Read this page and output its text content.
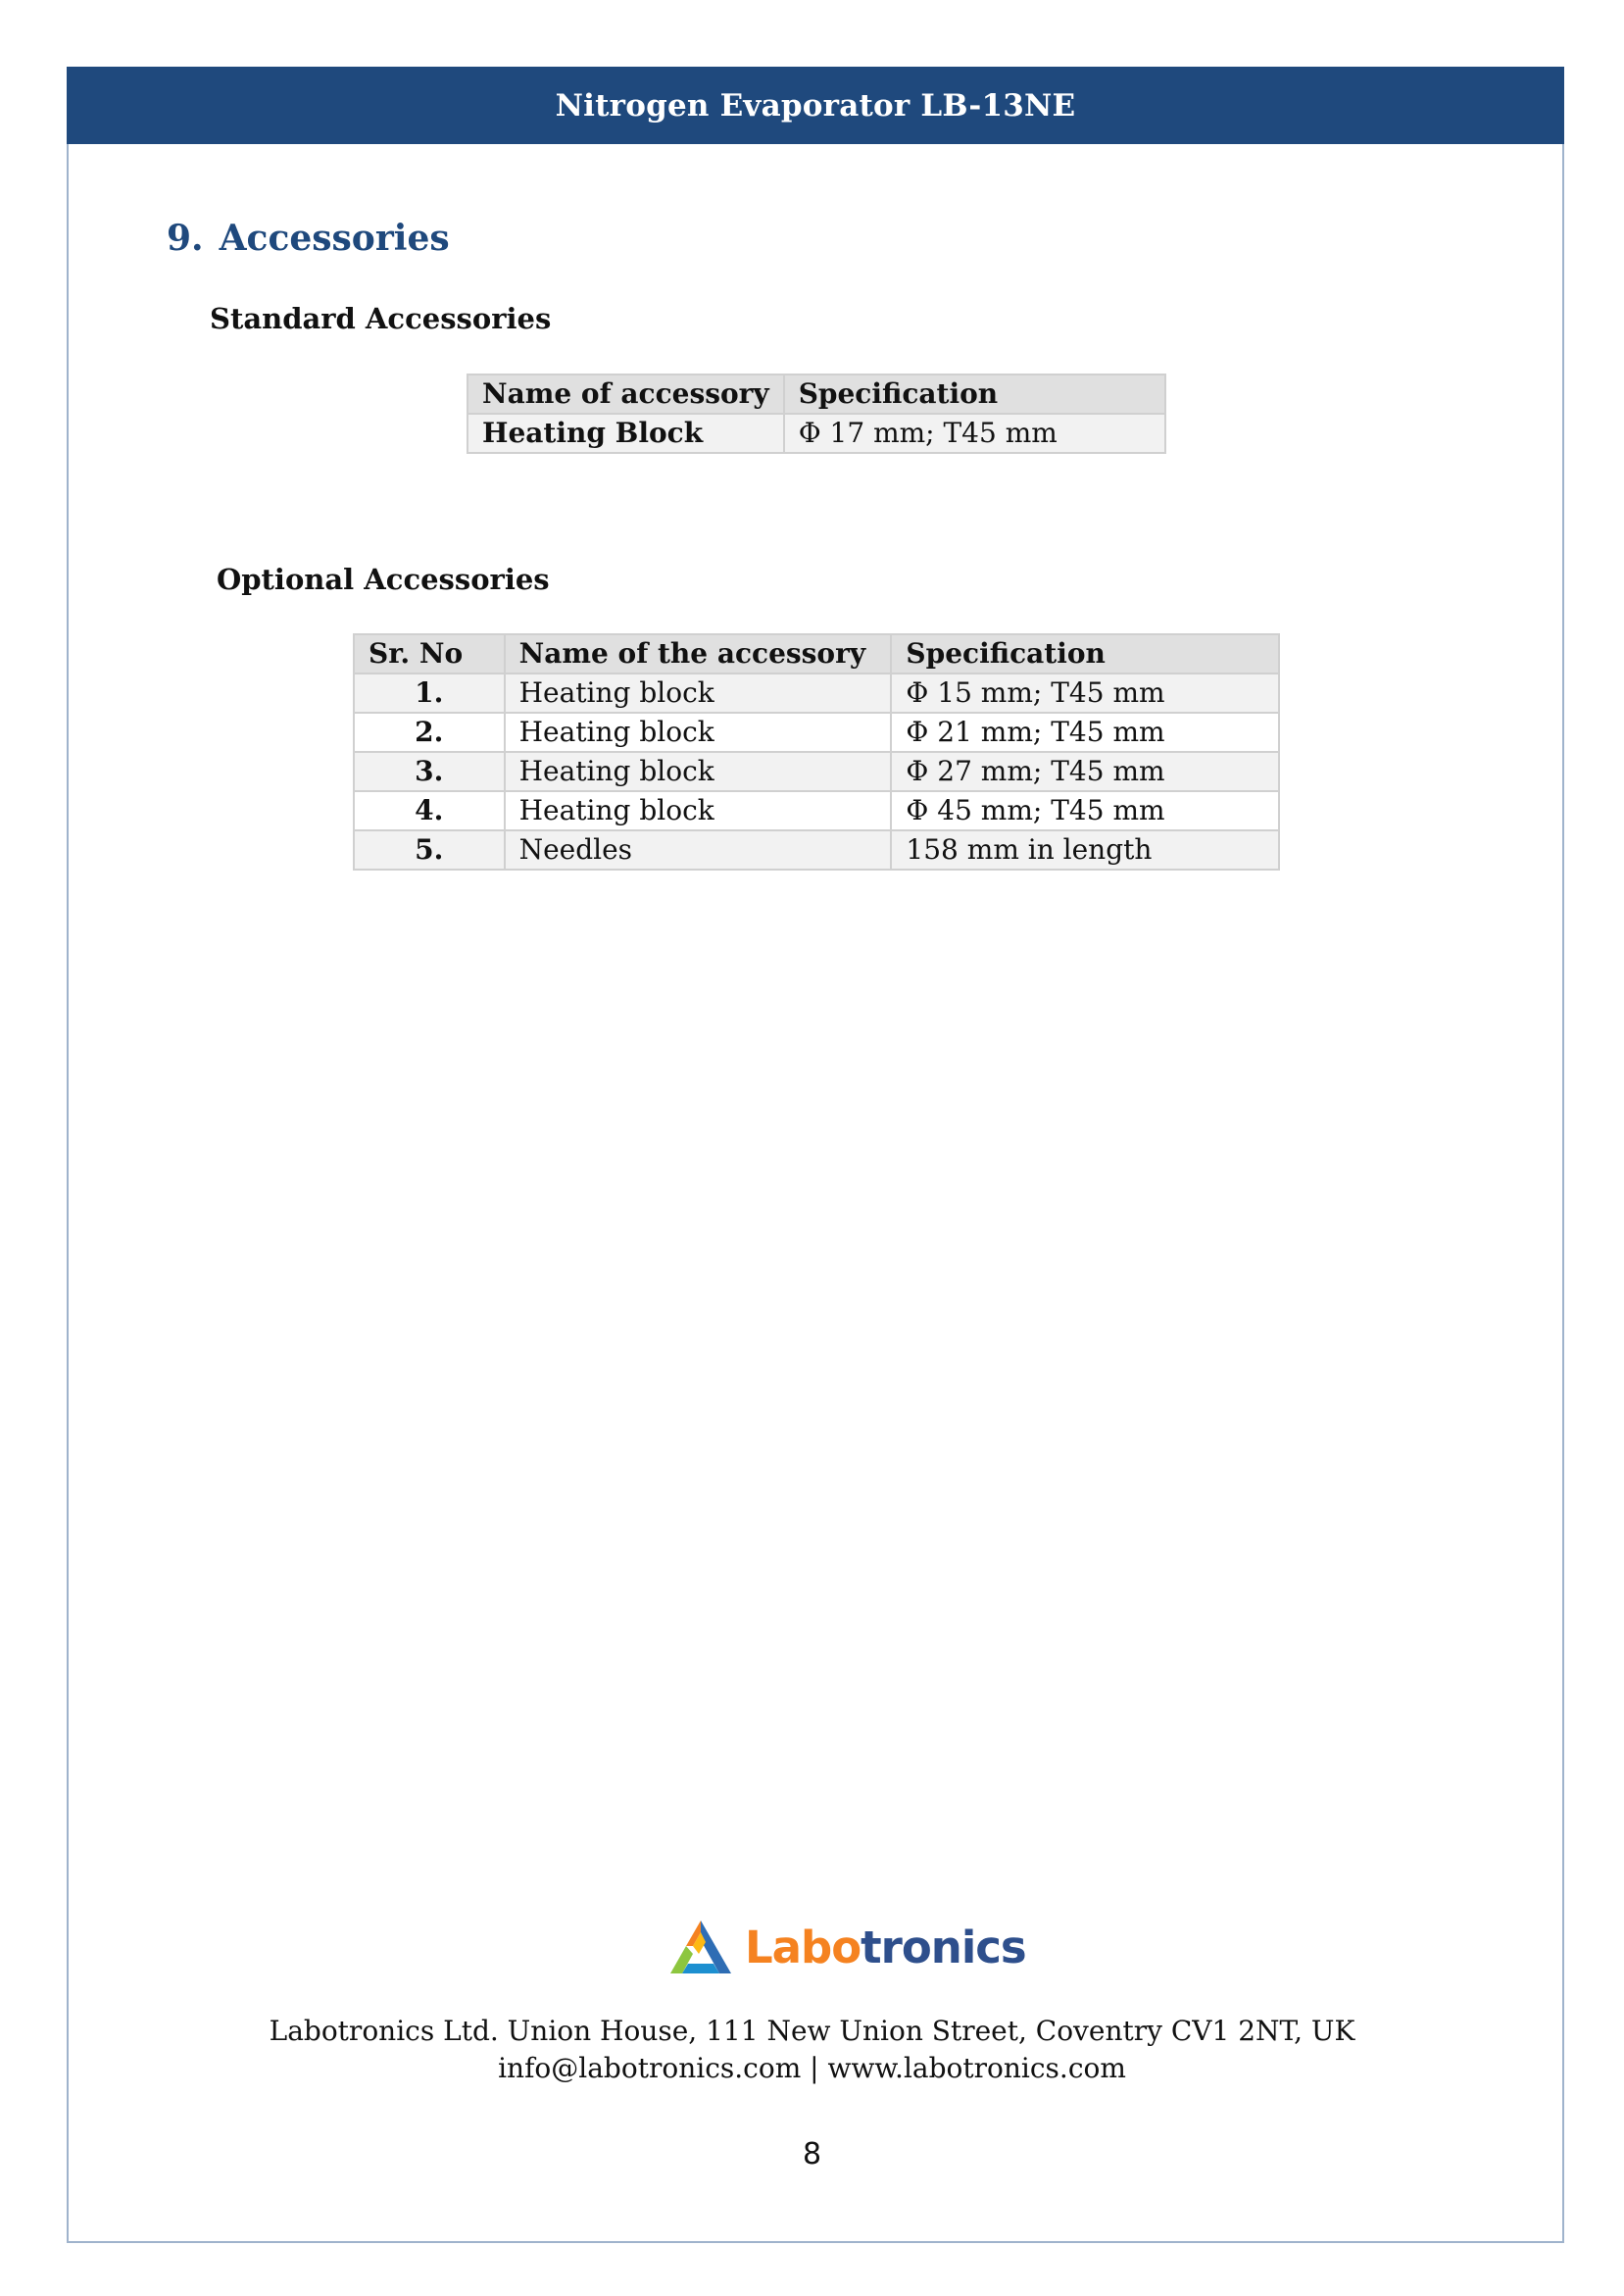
Nitrogen Evaporator LB-13NE
9. Accessories
Standard Accessories
Name of accessory	Specification
Heating Block	Φ 17 mm; T45 mm
Optional Accessories
Sr. No	Name of the accessory	Specification
1.	Heating block	Φ 15 mm; T45 mm
2.	Heating block	Φ 21 mm; T45 mm
3.	Heating block	Φ 27 mm; T45 mm
4.	Heating block	Φ 45 mm; T45 mm
5.	Needles	158 mm in length
Labotronics
Labotronics Ltd. Union House, 111 New Union Street, Coventry CV1 2NT, UK
info@labotronics.com | www.labotronics.com
8
